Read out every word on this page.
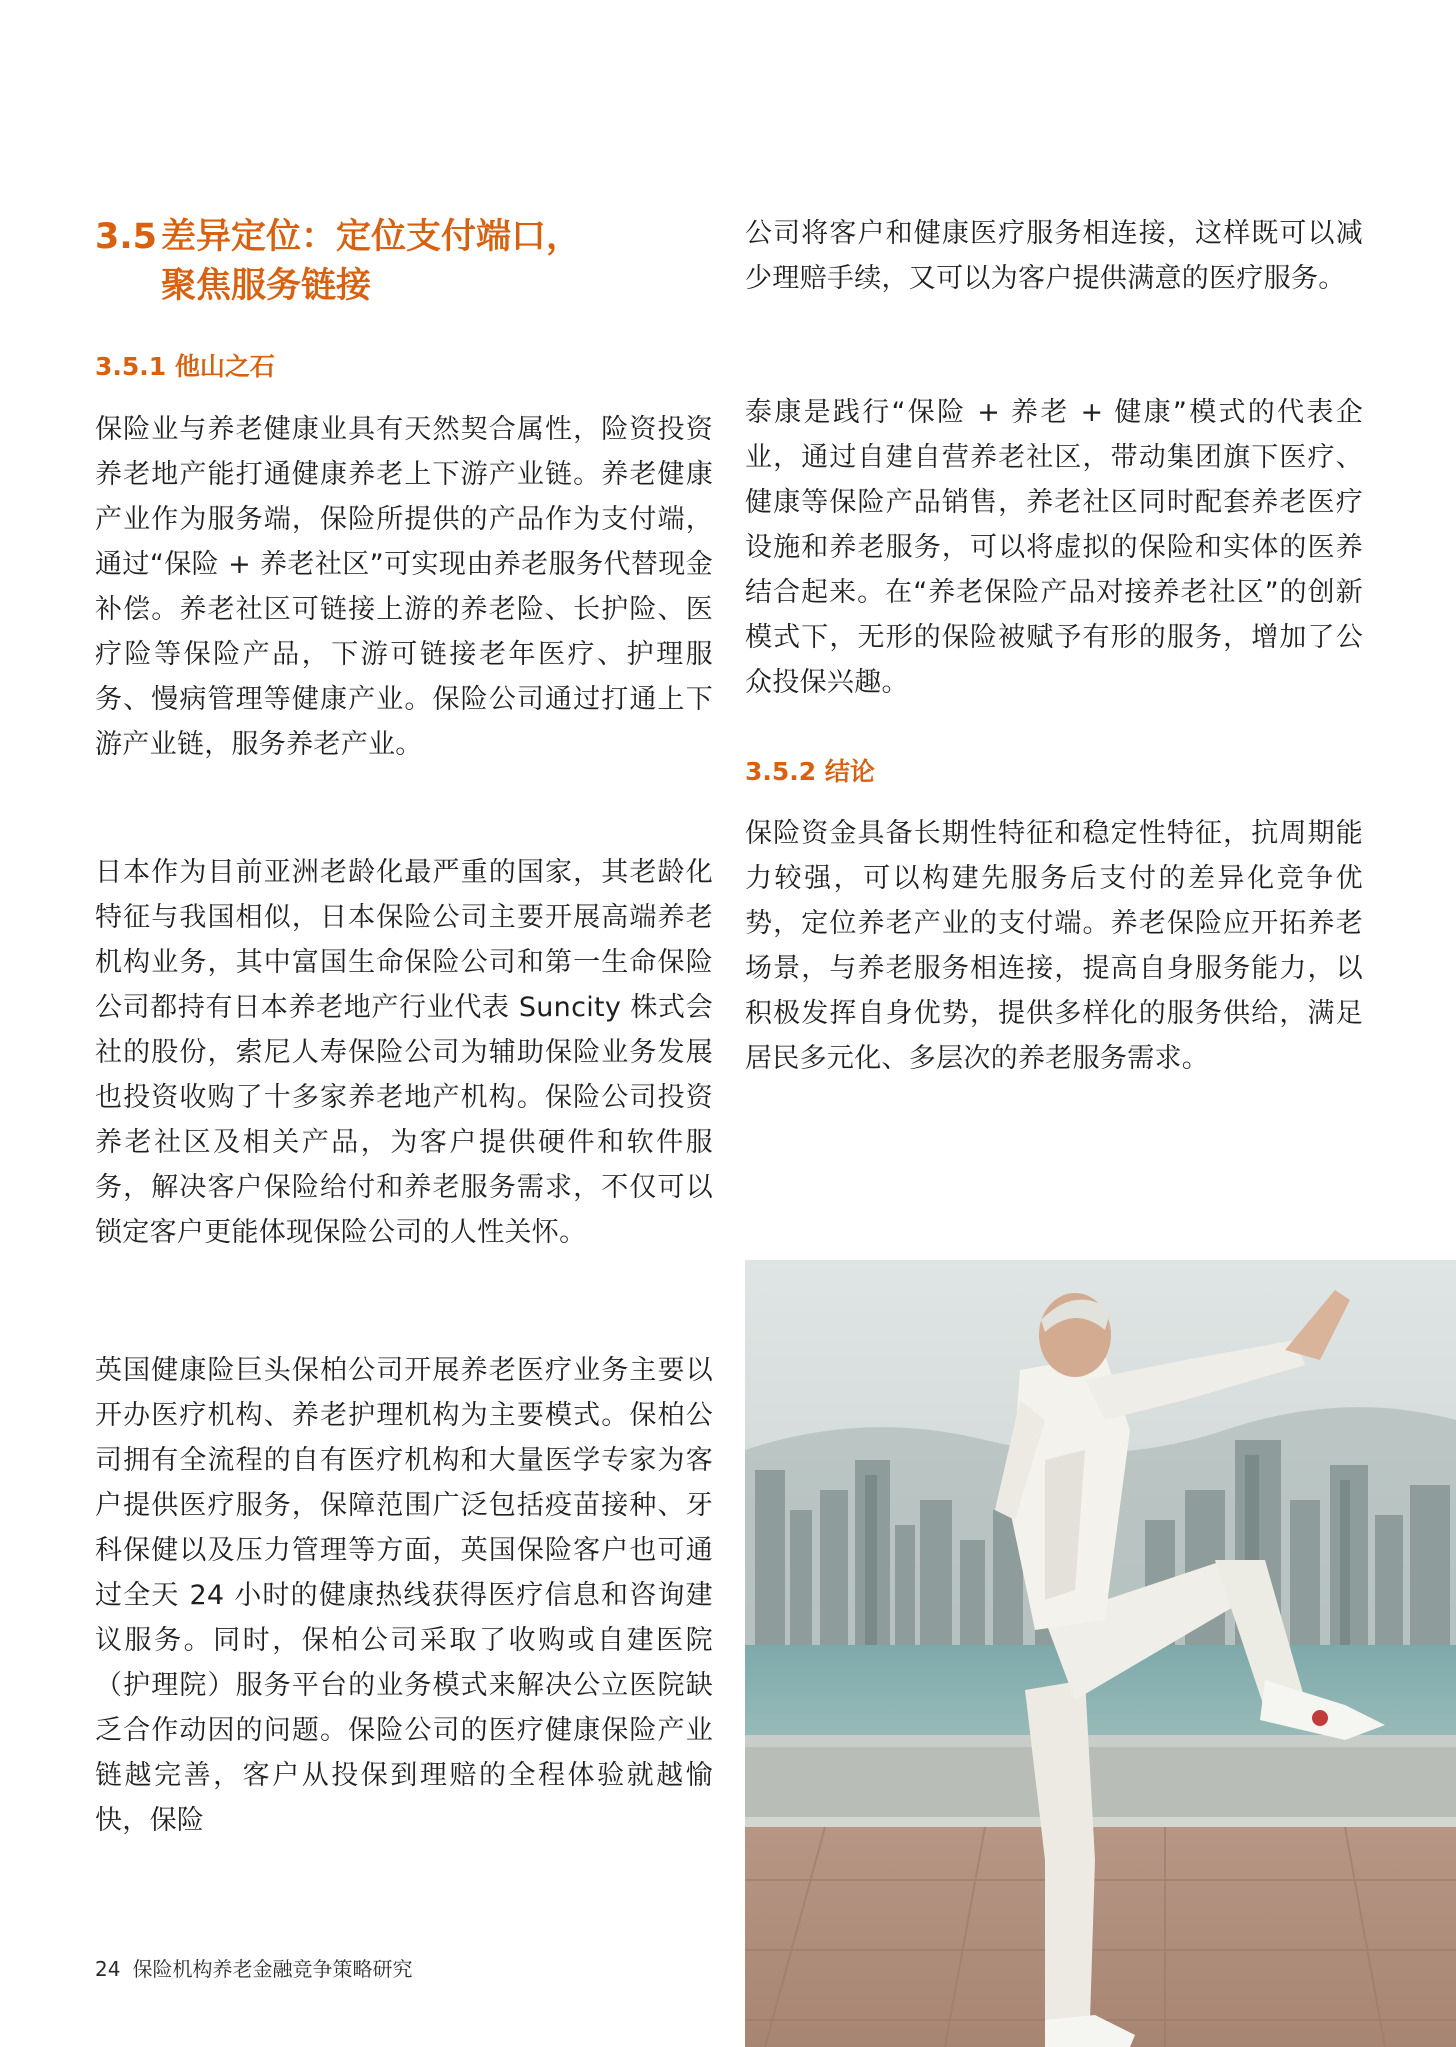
3.5 差异定位：定位支付端口，
聚焦服务链接
3.5.1 他山之石

保险业与养老健康业具有天然契合属性，险资投资养老地产能打通健康养老上下游产业链。养老健康产业作为服务端，保险所提供的产品作为支付端，通过“保险 + 养老社区”可实现由养老服务代替现金补偿。养老社区可链接上游的养老险、长护险、医疗险等保险产品，下游可链接老年医疗、护理服务、慢病管理等健康产业。保险公司通过打通上下游产业链，服务养老产业。

日本作为目前亚洲老龄化最严重的国家，其老龄化特征与我国相似，日本保险公司主要开展高端养老机构业务，其中富国生命保险公司和第一生命保险公司都持有日本养老地产行业代表 Suncity 株式会社的股份，索尼人寿保险公司为辅助保险业务发展也投资收购了十多家养老地产机构。保险公司投资养老社区及相关产品，为客户提供硬件和软件服务，解决客户保险给付和养老服务需求，不仅可以锁定客户更能体现保险公司的人性关怀。

英国健康险巨头保柏公司开展养老医疗业务主要以开办医疗机构、养老护理机构为主要模式。保柏公司拥有全流程的自有医疗机构和大量医学专家为客户提供医疗服务，保障范围广泛包括疫苗接种、牙科保健以及压力管理等方面，英国保险客户也可通过全天 24 小时的健康热线获得医疗信息和咨询建议服务。同时，保柏公司采取了收购或自建医院（护理院）服务平台的业务模式来解决公立医院缺乏合作动因的问题。保险公司的医疗健康保险产业链越完善，客户从投保到理赔的全程体验就越愉快，保险

公司将客户和健康医疗服务相连接，这样既可以减少理赔手续，又可以为客户提供满意的医疗服务。

泰康是践行“保险 + 养老 + 健康”模式的代表企业，通过自建自营养老社区，带动集团旗下医疗、健康等保险产品销售，养老社区同时配套养老医疗设施和养老服务，可以将虚拟的保险和实体的医养结合起来。在“养老保险产品对接养老社区”的创新模式下，无形的保险被赋予有形的服务，增加了公众投保兴趣。

3.5.2 结论

保险资金具备长期性特征和稳定性特征，抗周期能力较强，可以构建先服务后支付的差异化竞争优势，定位养老产业的支付端。养老保险应开拓养老场景，与养老服务相连接，提高自身服务能力，以积极发挥自身优势，提供多样化的服务供给，满足居民多元化、多层次的养老服务需求。

24 保险机构养老金融竞争策略研究
